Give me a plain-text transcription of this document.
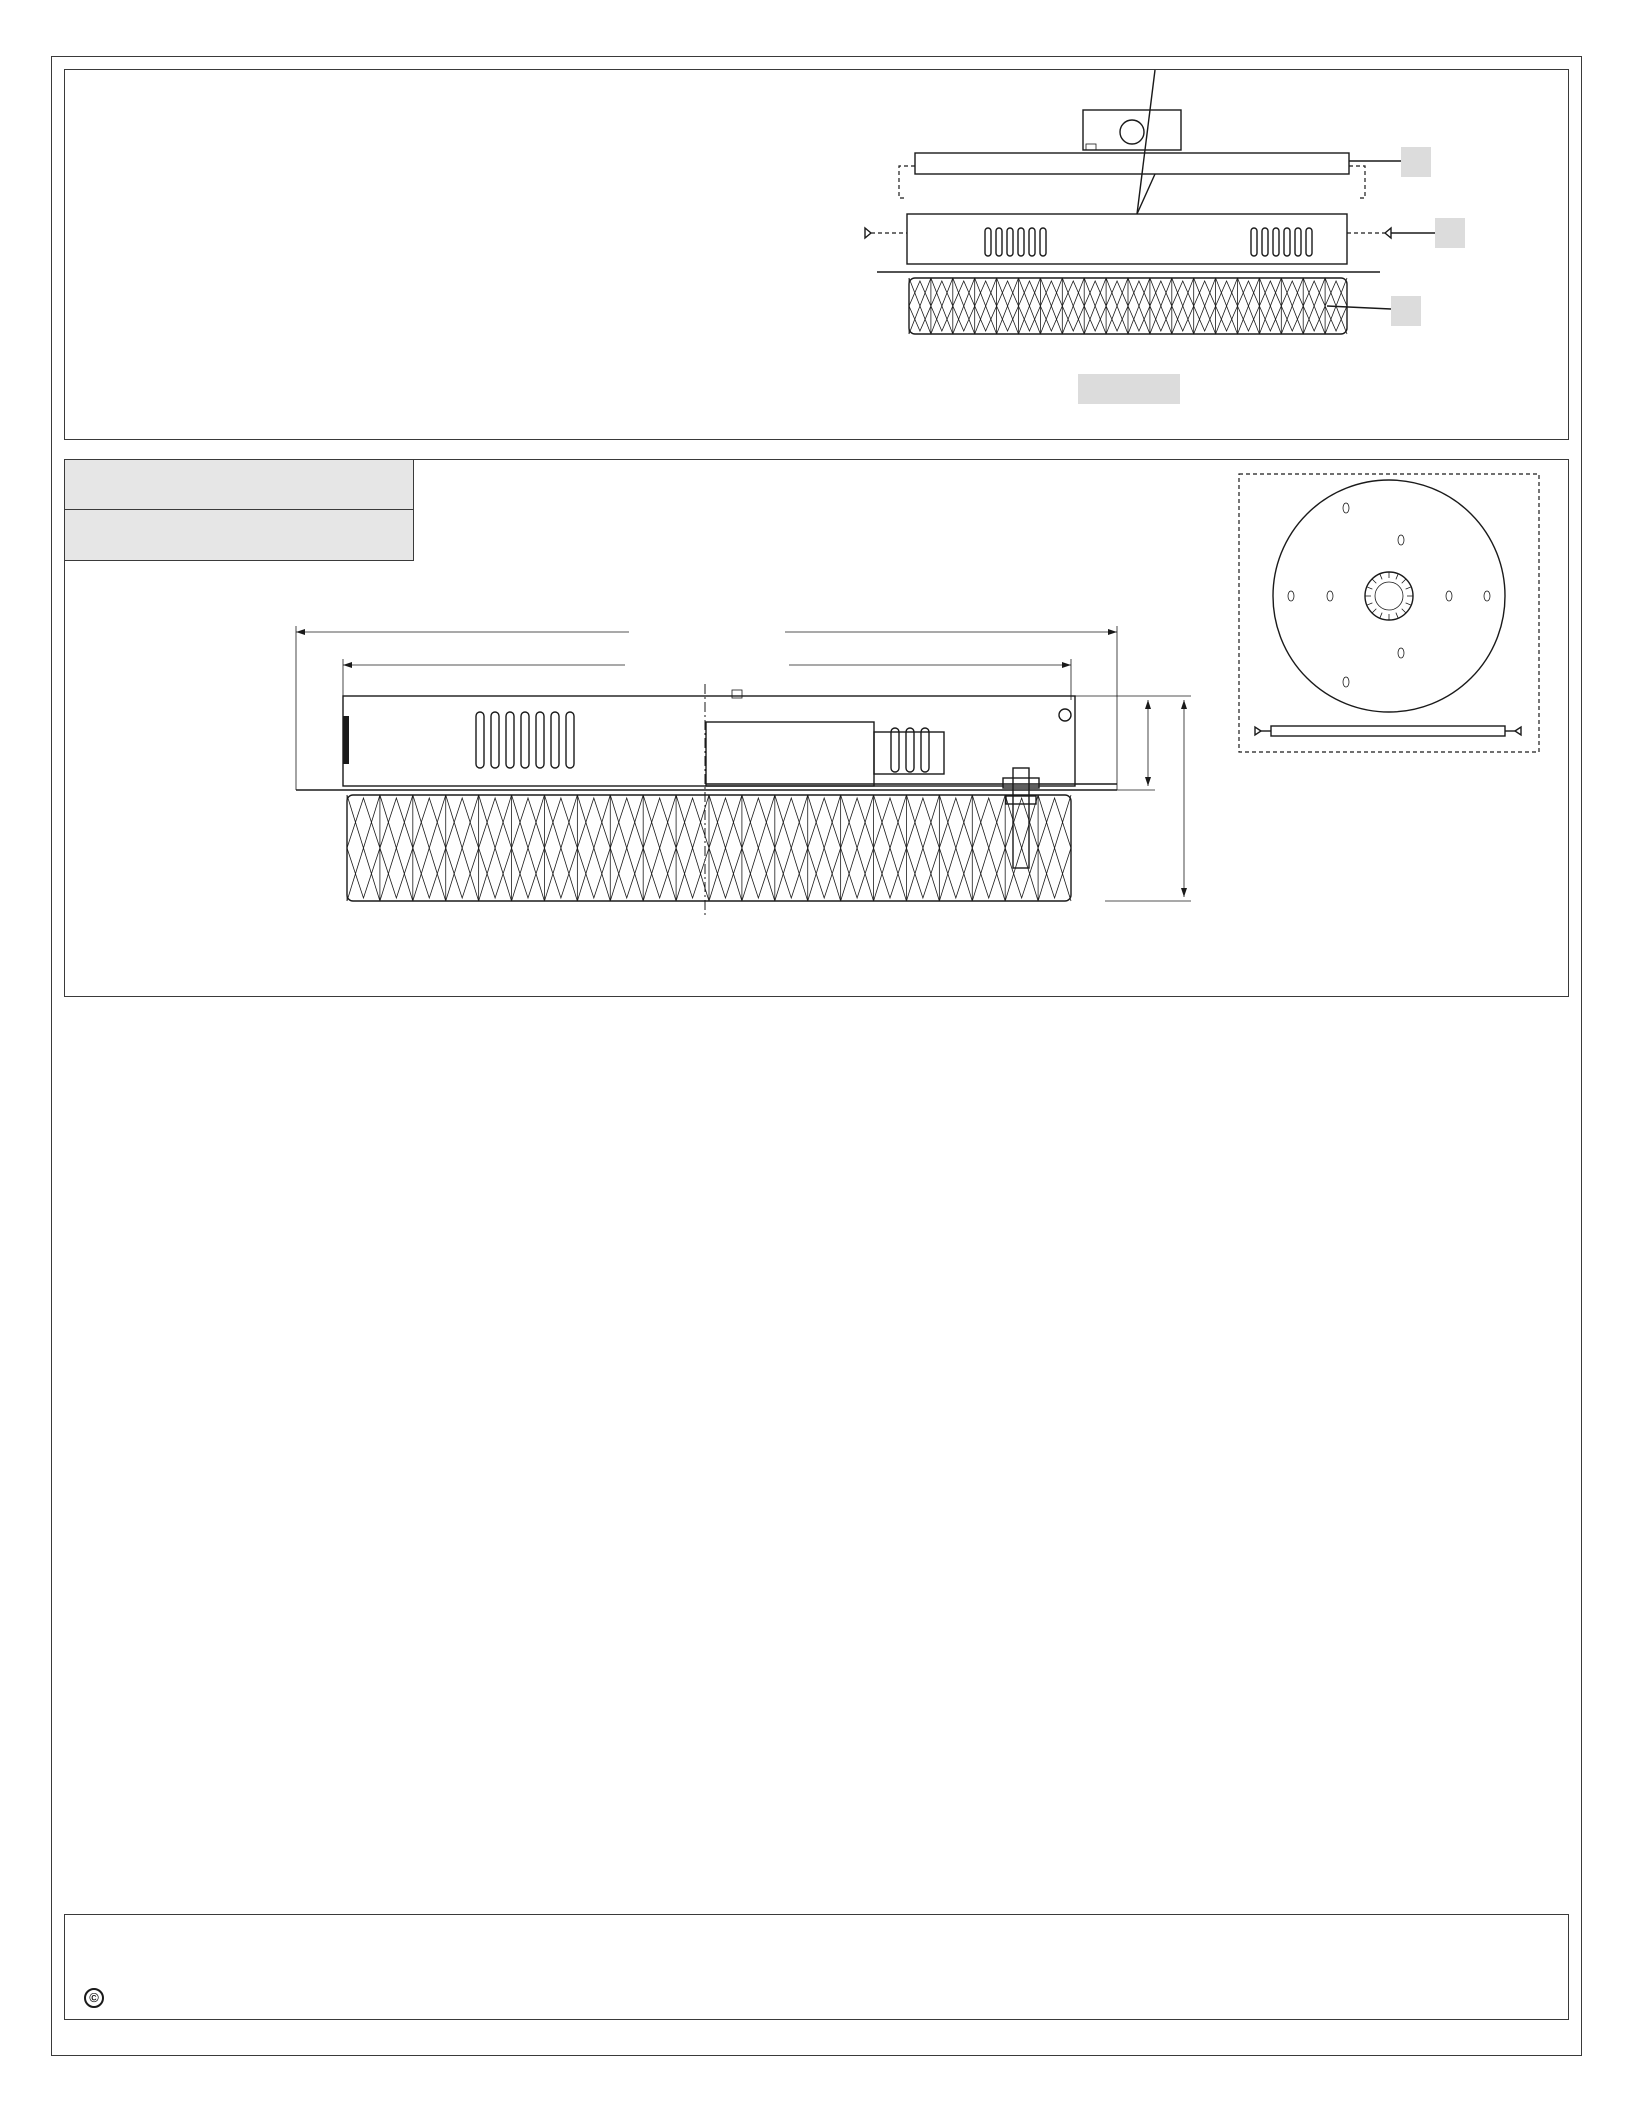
©
